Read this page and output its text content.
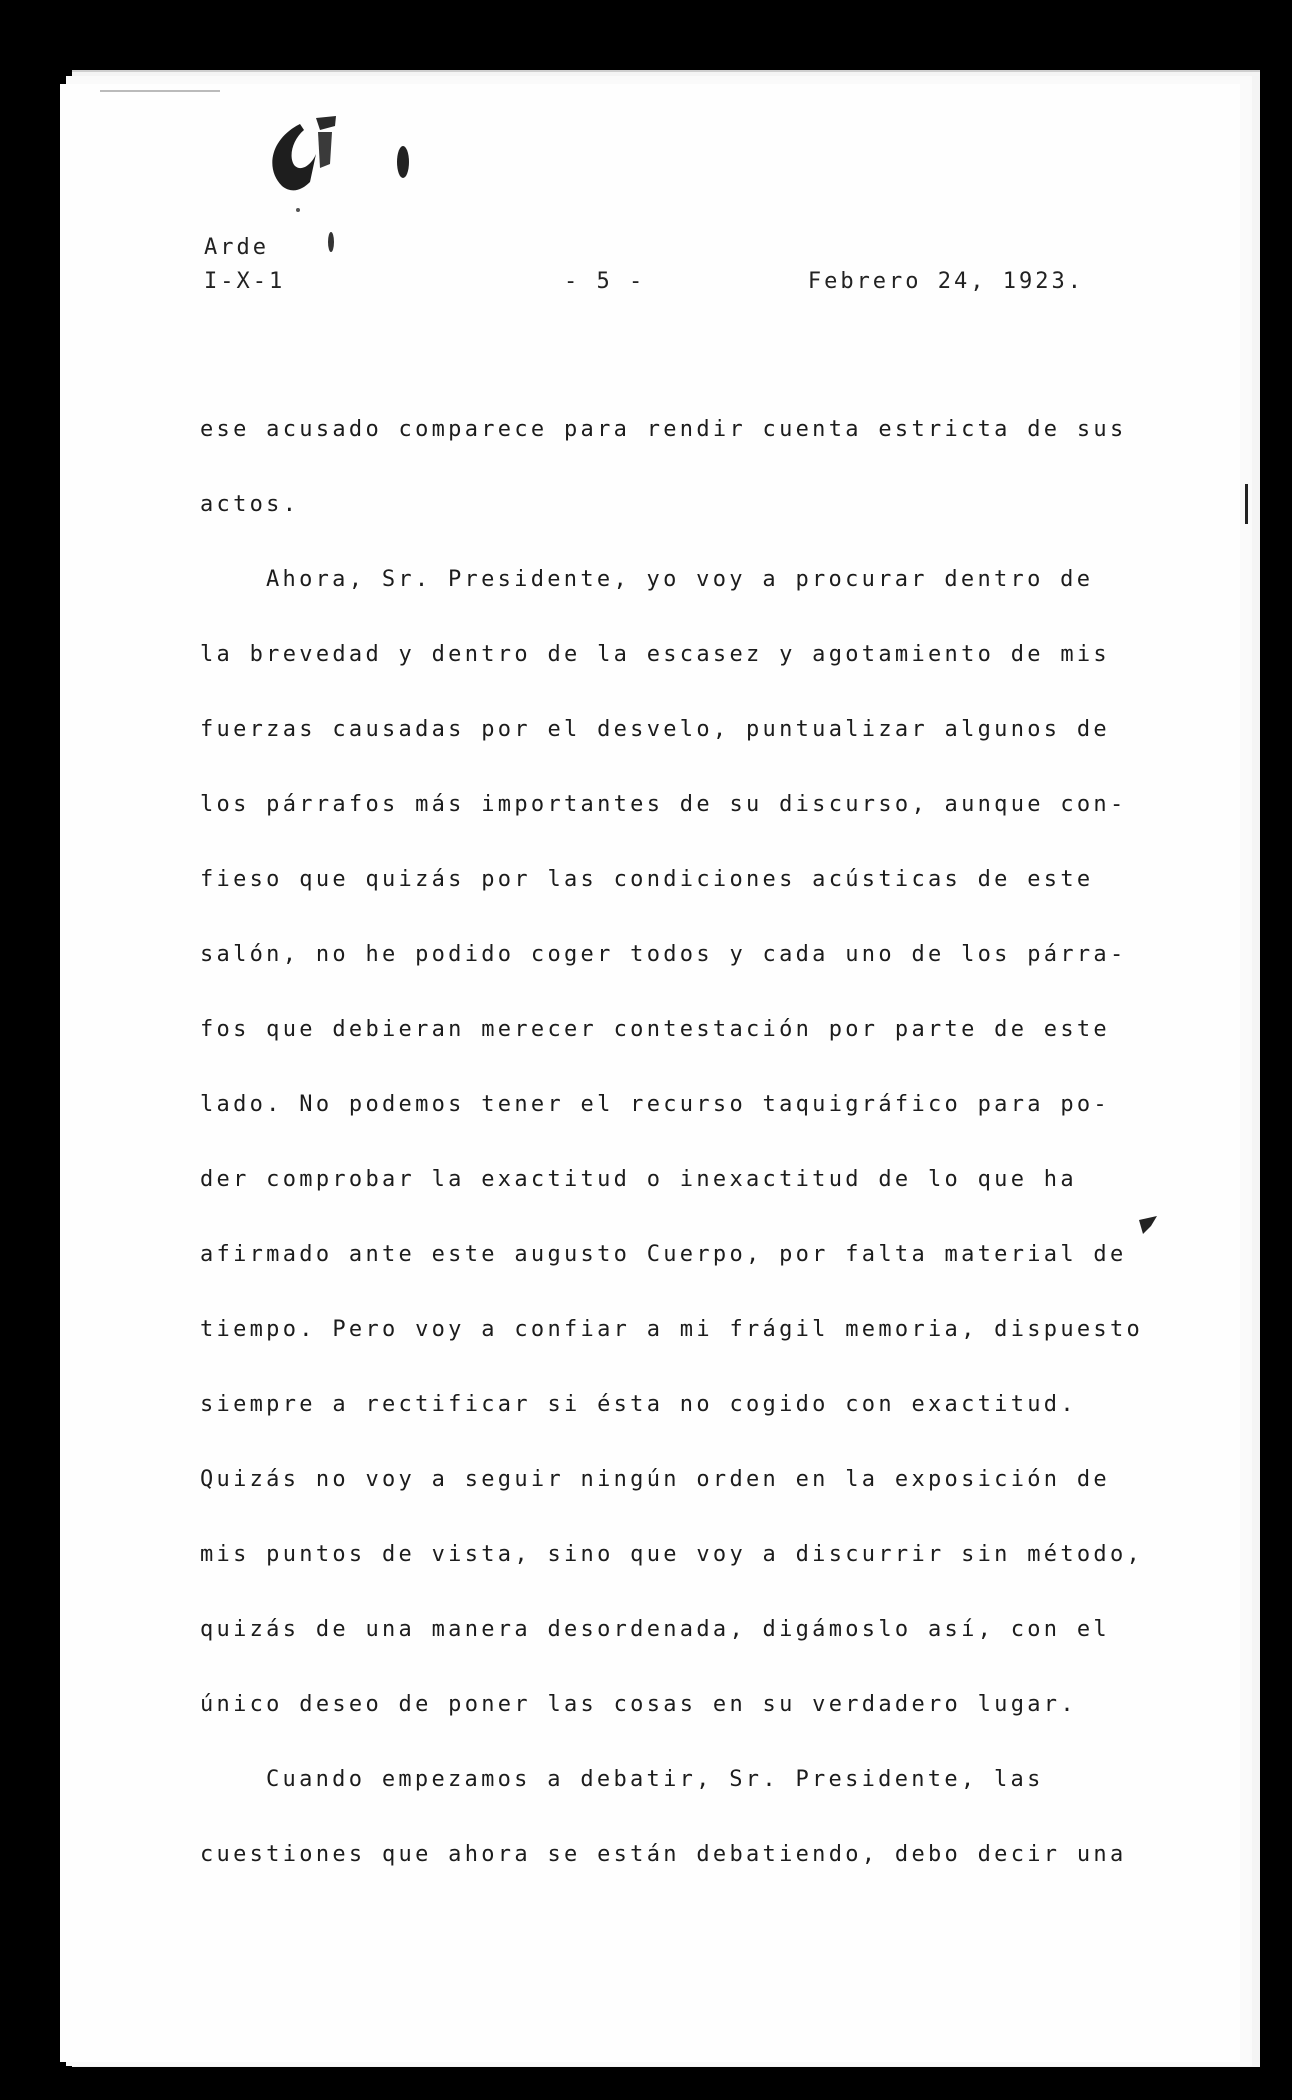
Arde
I-X-1	- 5 -	Febrero 24, 1923.
ese acusado comparece para rendir cuenta estricta de sus
actos.
Ahora, Sr. Presidente, yo voy a procurar dentro de
la brevedad y dentro de la escasez y agotamiento de mis
fuerzas causadas por el desvelo, puntualizar algunos de
los párrafos más importantes de su discurso, aunque con-
fieso que quizás por las condiciones acústicas de este
salón, no he podido coger todos y cada uno de los párra-
fos que debieran merecer contestación por parte de este
lado. No podemos tener el recurso taquigráfico para po-
der comprobar la exactitud o inexactitud de lo que ha
afirmado ante este augusto Cuerpo, por falta material de
tiempo. Pero voy a confiar a mi frágil memoria, dispuesto
siempre a rectificar si ésta no cogido con exactitud.
Quizás no voy a seguir ningún orden en la exposición de
mis puntos de vista, sino que voy a discurrir sin método,
quizás de una manera desordenada, digámoslo así, con el
único deseo de poner las cosas en su verdadero lugar.
Cuando empezamos a debatir, Sr. Presidente, las
cuestiones que ahora se están debatiendo, debo decir una
